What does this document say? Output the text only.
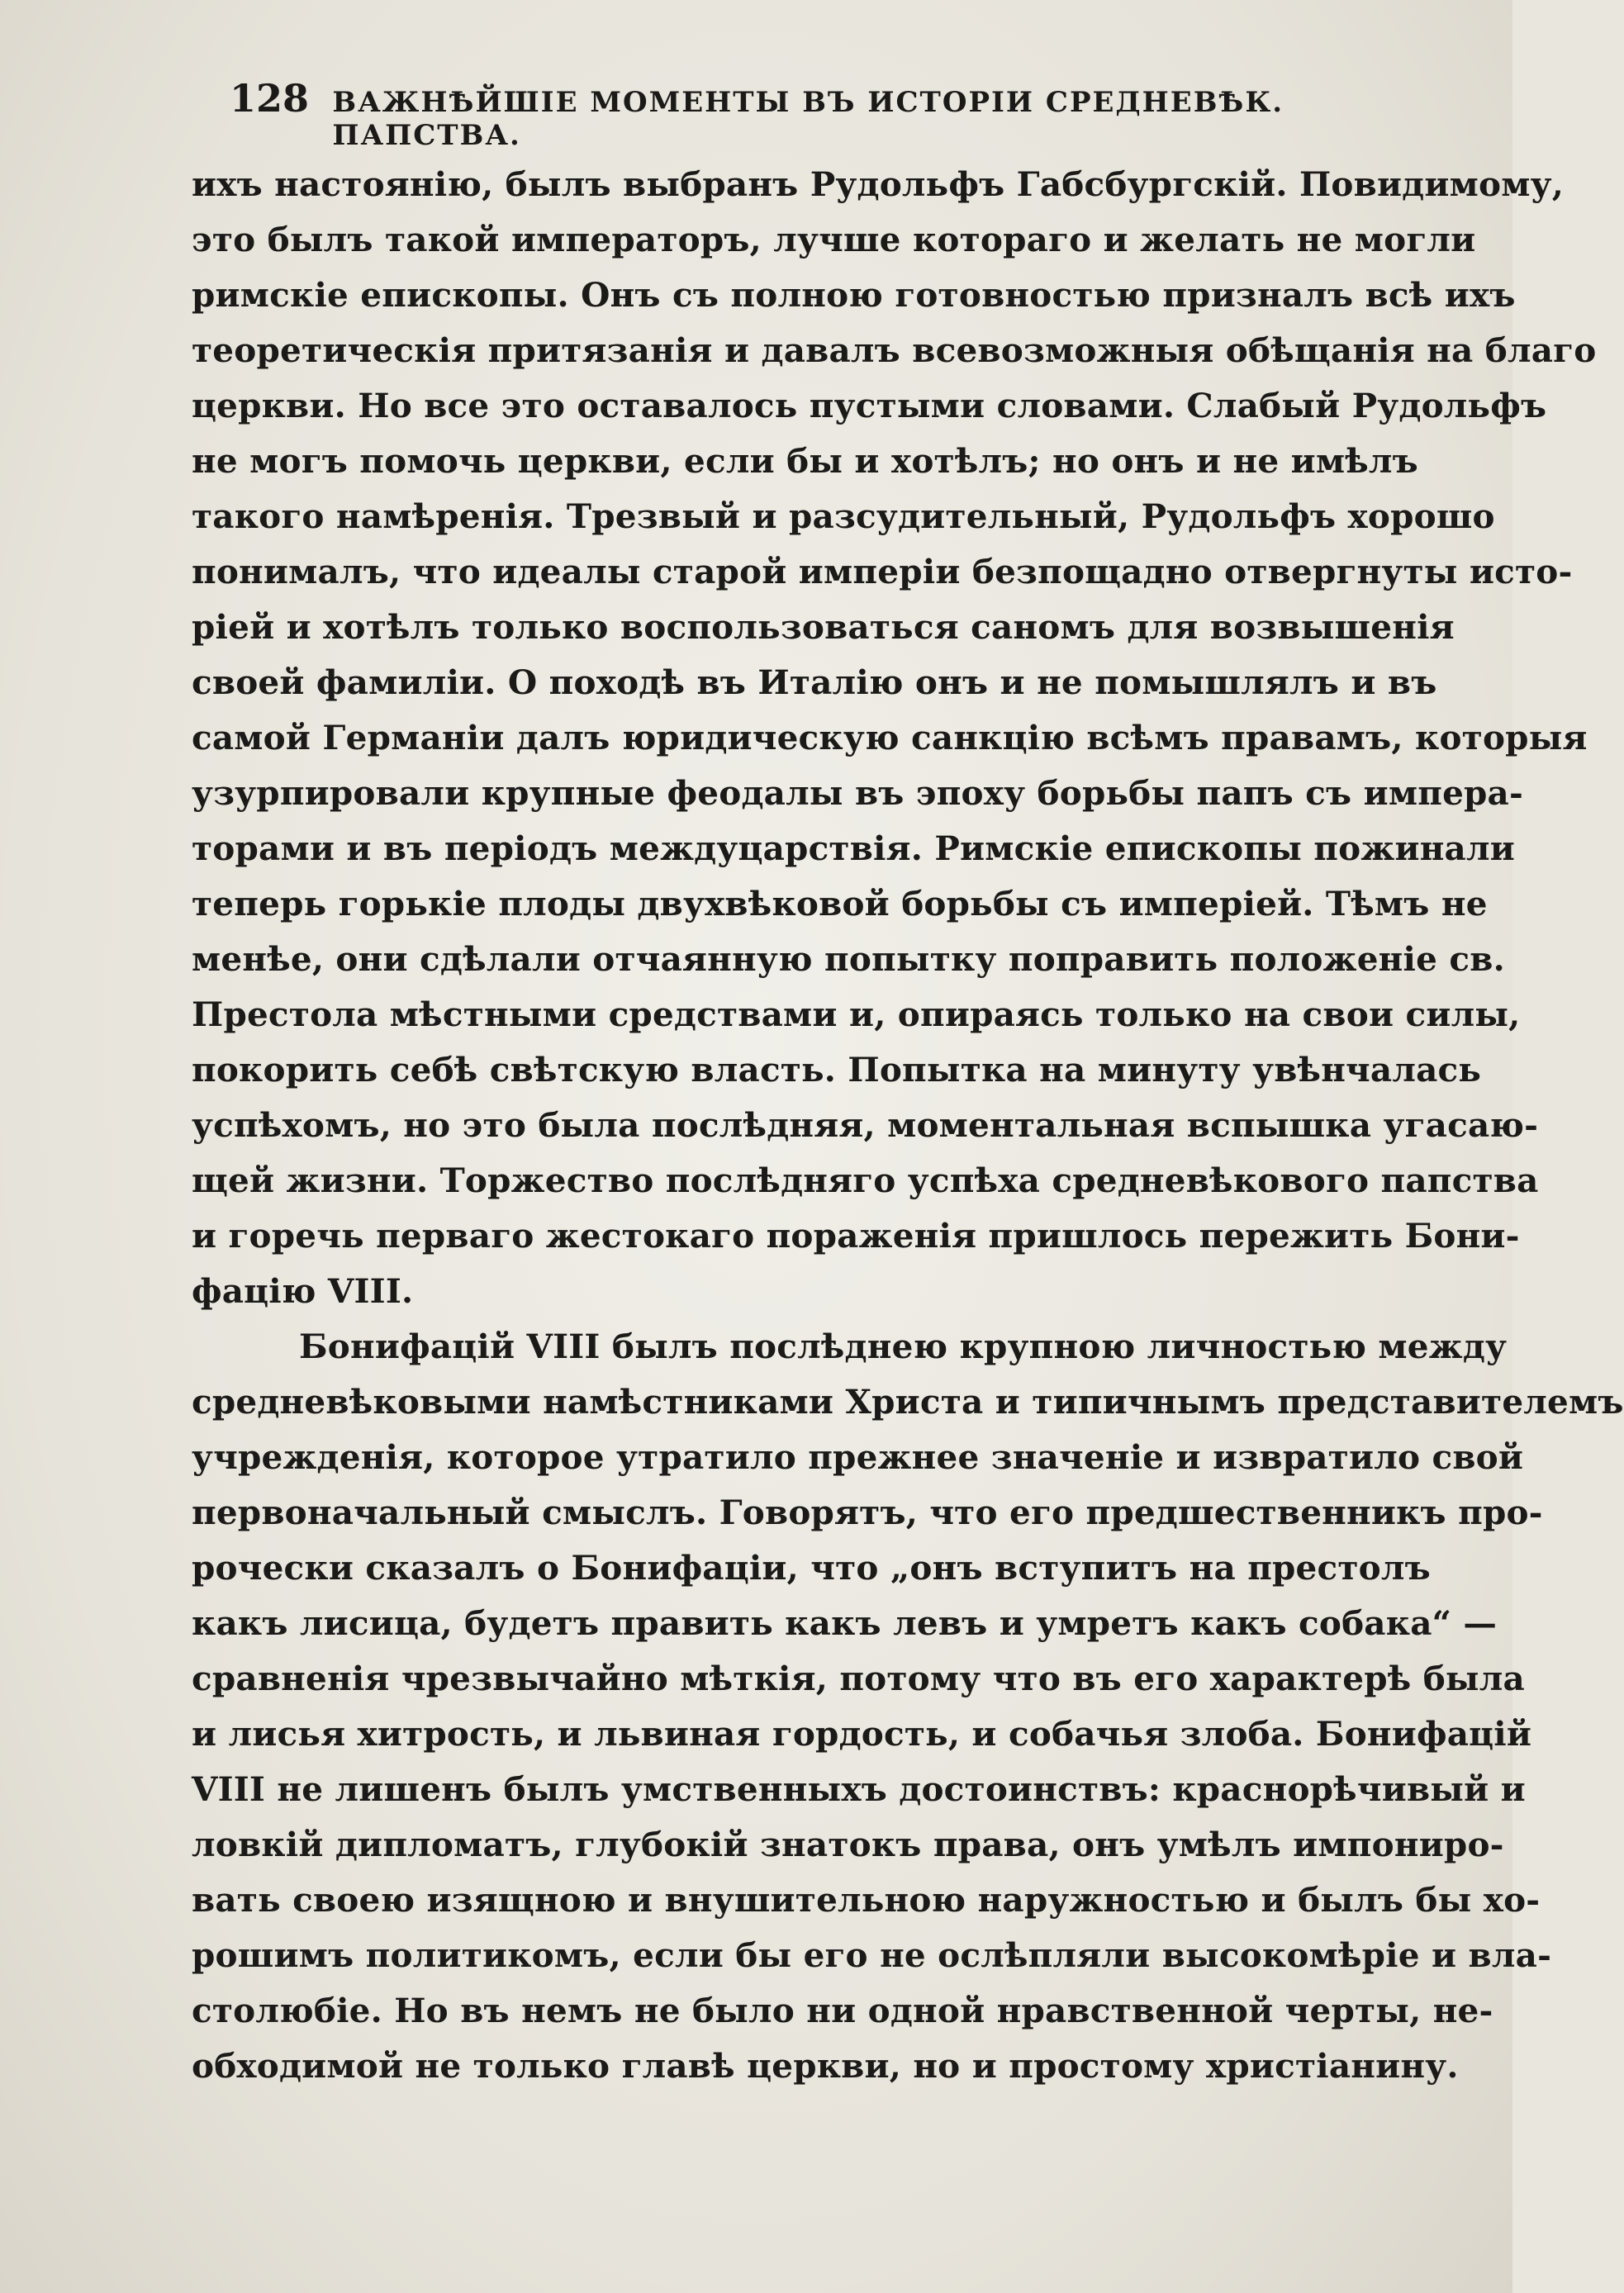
128 ВАЖНѢЙШІЕ МОМЕНТЫ ВЪ ИСТОРІИ СРЕДНЕВѢК. ПАПСТВА.

ихъ настоянію, былъ выбранъ Рудольфъ Габсбургскій. Повидимому,
это былъ такой императоръ, лучше котораго и желать не могли
римскіе епископы. Онъ съ полною готовностью призналъ всѣ ихъ
теоретическія притязанія и давалъ всевозможныя обѣщанія на благо
церкви. Но все это оставалось пустыми словами. Слабый Рудольфъ
не могъ помочь церкви, если бы и хотѣлъ; но онъ и не имѣлъ
такого намѣренія. Трезвый и разсудительный, Рудольфъ хорошо
понималъ, что идеалы старой имперіи безпощадно отвергнуты исто-
ріей и хотѣлъ только воспользоваться саномъ для возвышенія
своей фамиліи. О походѣ въ Италію онъ и не помышлялъ и въ
самой Германіи далъ юридическую санкцію всѣмъ правамъ, которыя
узурпировали крупные феодалы въ эпоху борьбы папъ съ импера-
торами и въ періодъ междуцарствія. Римскіе епископы пожинали
теперь горькіе плоды двухвѣковой борьбы съ имперіей. Тѣмъ не
менѣе, они сдѣлали отчаянную попытку поправить положеніе св.
Престола мѣстными средствами и, опираясь только на свои силы,
покорить себѣ свѣтскую власть. Попытка на минуту увѣнчалась
успѣхомъ, но это была послѣдняя, моментальная вспышка угасаю-
щей жизни. Торжество послѣдняго успѣха средневѣкового папства
и горечь перваго жестокаго пораженія пришлось пережить Бони-
фацію VIII.

Бонифацій VIII былъ послѣднею крупною личностью между
средневѣковыми намѣстниками Христа и типичнымъ представителемъ
учрежденія, которое утратило прежнее значеніе и извратило свой
первоначальный смыслъ. Говорятъ, что его предшественникъ про-
рочески сказалъ о Бонифаціи, что „онъ вступитъ на престолъ
какъ лисица, будетъ править какъ левъ и умретъ какъ собака“ —
сравненія чрезвычайно мѣткія, потому что въ его характерѣ была
и лисья хитрость, и львиная гордость, и собачья злоба. Бонифацій
VIII не лишенъ былъ умственныхъ достоинствъ: краснорѣчивый и
ловкій дипломатъ, глубокій знатокъ права, онъ умѣлъ импониро-
вать своею изящною и внушительною наружностью и былъ бы хо-
рошимъ политикомъ, если бы его не ослѣпляли высокомѣріе и вла-
столюбіе. Но въ немъ не было ни одной нравственной черты, не-
обходимой не только главѣ церкви, но и простому христіанину.
